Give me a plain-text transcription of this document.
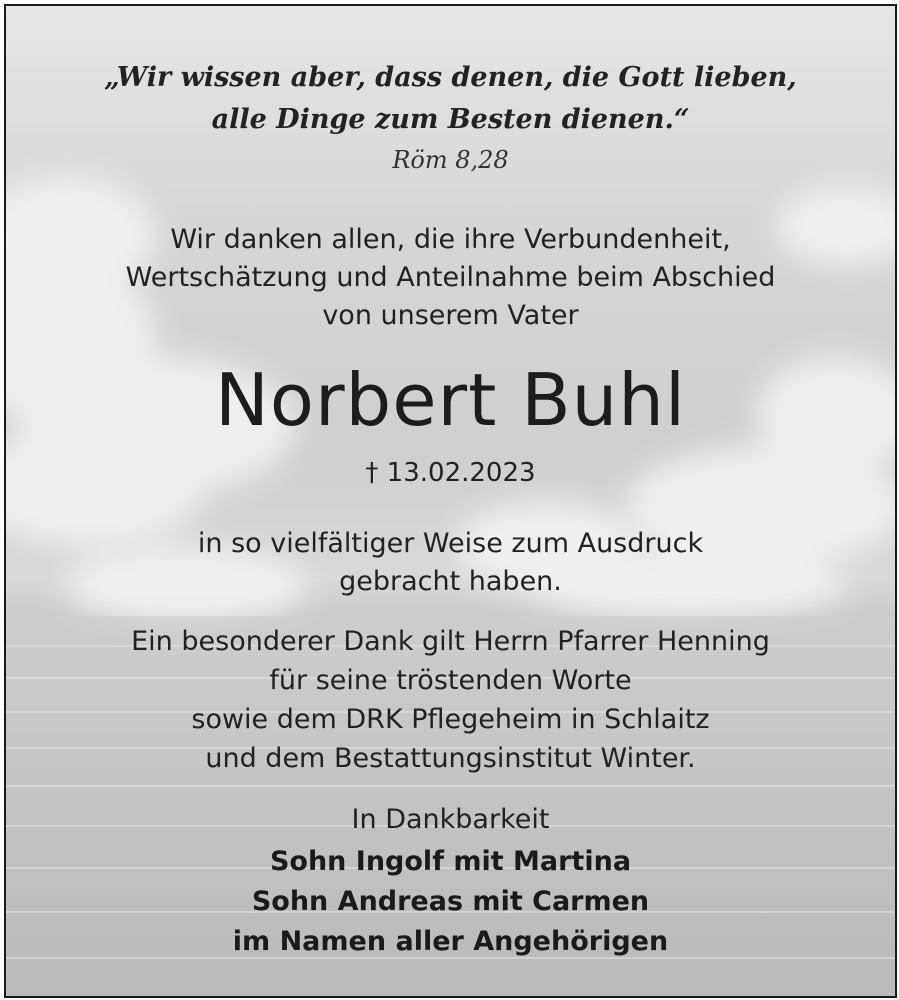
„Wir wissen aber, dass denen, die Gott lieben,
alle Dinge zum Besten dienen.“
Röm 8,28
Wir danken allen, die ihre Verbundenheit,
Wertschätzung und Anteilnahme beim Abschied
von unserem Vater
Norbert Buhl
† 13.02.2023
in so vielfältiger Weise zum Ausdruck
gebracht haben.
Ein besonderer Dank gilt Herrn Pfarrer Henning
für seine tröstenden Worte
sowie dem DRK Pflegeheim in Schlaitz
und dem Bestattungsinstitut Winter.
In Dankbarkeit
Sohn Ingolf mit Martina
Sohn Andreas mit Carmen
im Namen aller Angehörigen
